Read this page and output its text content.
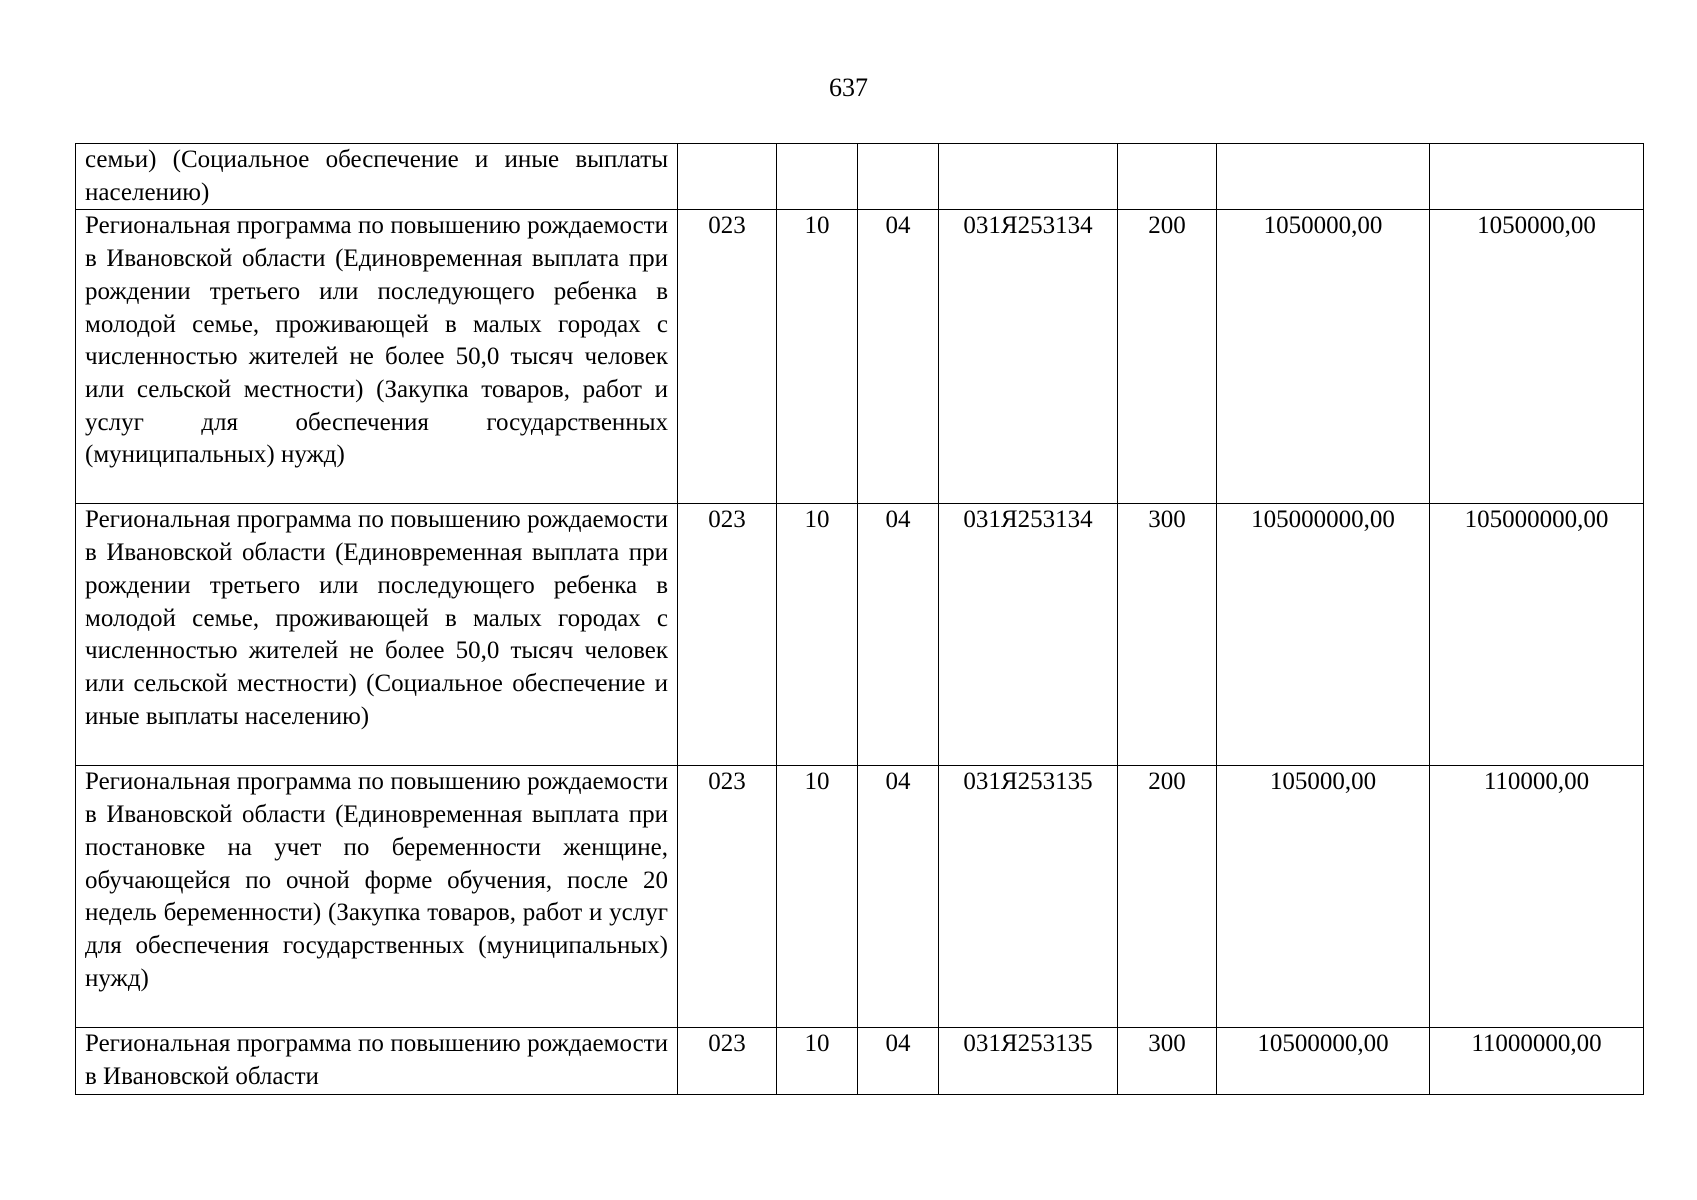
637
семьи) (Социальное обеспечение и иные выплаты населению)							
Региональная программа по повышению рождаемости в Ивановской области (Единовременная выплата при рождении третьего или последующего ребенка в молодой семье, проживающей в малых городах с численностью жителей не более 50,0 тысяч человек или сельской местности) (Закупка товаров, работ и услуг для обеспечения государственных (муниципальных) нужд)	023	10	04	031Я253134	200	1050000,00	1050000,00
Региональная программа по повышению рождаемости в Ивановской области (Единовременная выплата при рождении третьего или последующего ребенка в молодой семье, проживающей в малых городах с численностью жителей не более 50,0 тысяч человек или сельской местности) (Социальное обеспечение и иные выплаты населению)	023	10	04	031Я253134	300	105000000,00	105000000,00
Региональная программа по повышению рождаемости в Ивановской области (Единовременная выплата при постановке на учет по беременности женщине, обучающейся по очной форме обучения, после 20 недель беременности) (Закупка товаров, работ и услуг для обеспечения государственных (муниципальных) нужд)	023	10	04	031Я253135	200	105000,00	110000,00
Региональная программа по повышению рождаемости в Ивановской области	023	10	04	031Я253135	300	10500000,00	11000000,00
